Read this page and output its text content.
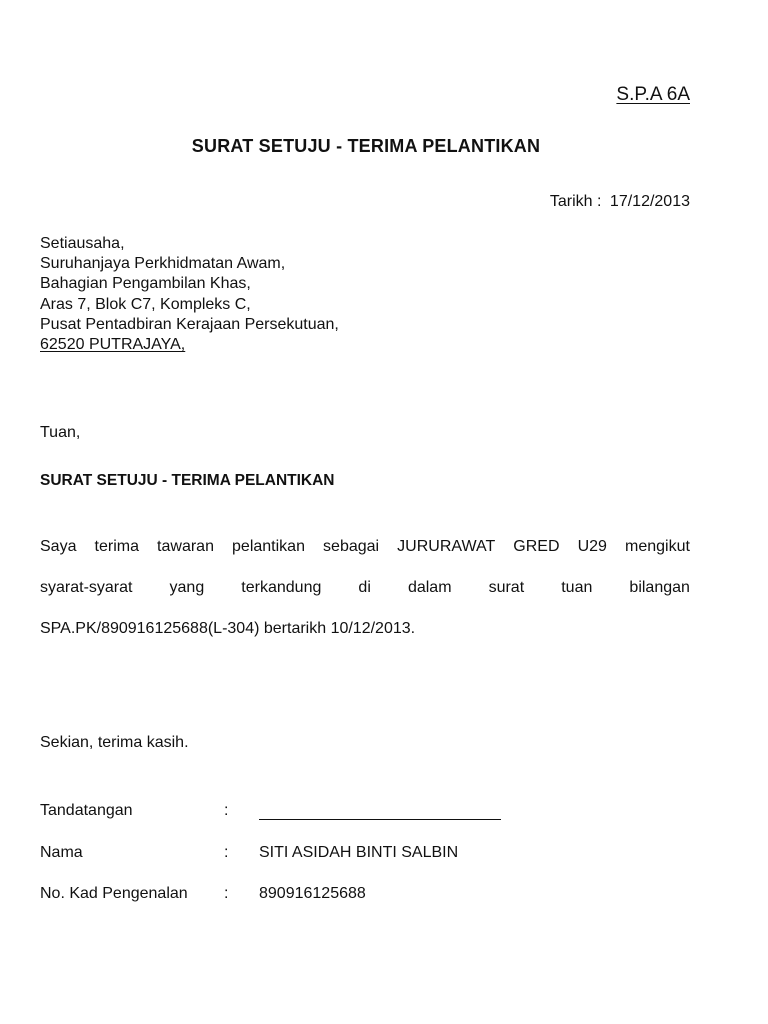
S.P.A 6A
SURAT SETUJU - TERIMA PELANTIKAN
Tarikh : 17/12/2013
Setiausaha,
Suruhanjaya Perkhidmatan Awam,
Bahagian Pengambilan Khas,
Aras 7, Blok C7, Kompleks C,
Pusat Pentadbiran Kerajaan Persekutuan,
62520 PUTRAJAYA,
Tuan,
SURAT SETUJU - TERIMA PELANTIKAN
Saya terima tawaran pelantikan sebagai JURURAWAT GRED U29 mengikut
syarat-syarat yang terkandung di dalam surat tuan bilangan
SPA.PK/890916125688(L-304) bertarikh 10/12/2013.
Sekian, terima kasih.
Tandatangan	:
Nama	: SITI ASIDAH BINTI SALBIN
No. Kad Pengenalan : 890916125688
